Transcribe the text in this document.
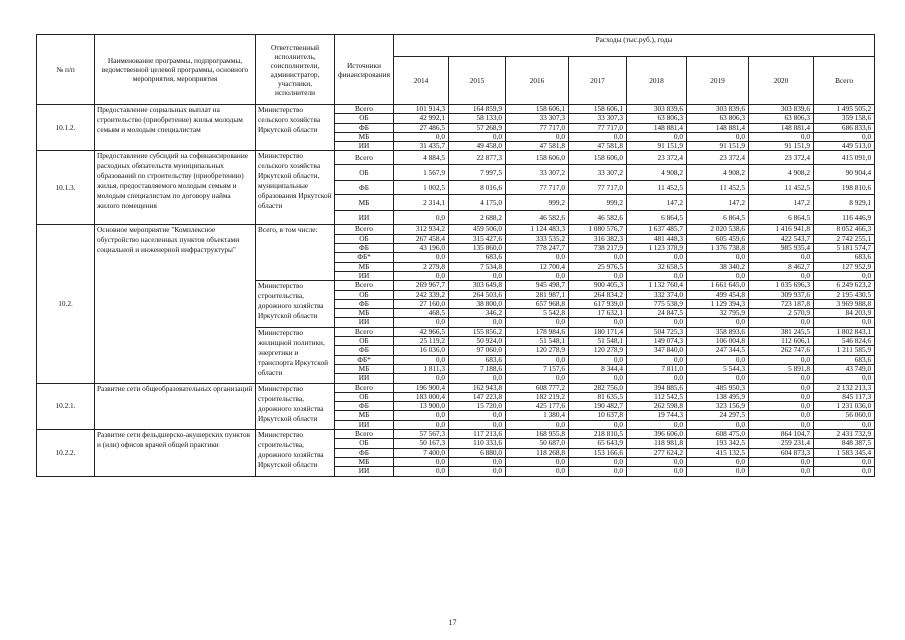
№ п/п	Наименование программы, подпрограммы, ведомственной целевой программы, основного мероприятия, мероприятия	Ответственный исполнитель, соисполнители, администратор, участники, исполнители	Источники финансирования	Расходы (тыс.руб.), годы							
				2014	2015	2016	2017	2018	2019	2020	Всего
10.1.2.	Предоставление социальных выплат на строительство (приобретение) жилья молодым семьям и молодым специалистам	Министерство сельского хозяйства Иркутской области	Всего	101 914,3	164 859,9	158 606,1	158 606,1	303 839,6	303 839,6	303 839,6	1 495 505,2
			ОБ	42 992,1	58 133,0	33 307,3	33 307,3	63 806,3	63 806,3	63 806,3	359 158,6
			ФБ	27 486,5	57 268,9	77 717,0	77 717,0	148 881,4	148 881,4	148 881,4	686 833,6
			МБ	0,0	0,0	0,0	0,0	0,0	0,0	0,0	0,0
			ИИ	31 435,7	49 458,0	47 581,8	47 581,8	91 151,9	91 151,9	91 151,9	449 513,0
10.1.3.	Предоставление субсидий на софинансирование расходных обязательств муниципальных образований по строительству (приобретению) жилья, предоставляемого молодым семьям и молодым специалистам по договору найма жилого помещения	Министерство сельского хозяйства Иркутской области, муниципальные образования Иркутской области	Всего	4 884,5	22 877,3	158 606,0	158 606,0	23 372,4	23 372,4	23 372,4	415 091,0
			ОБ	1 567,9	7 997,5	33 307,2	33 307,2	4 908,2	4 908,2	4 908,2	90 904,4
			ФБ	1 002,5	8 016,6	77 717,0	77 717,0	11 452,5	11 452,5	11 452,5	198 810,6
			МБ	2 314,1	4 175,0	999,2	999,2	147,2	147,2	147,2	8 929,1
			ИИ	0,0	2 688,2	46 582,6	46 582,6	6 864,5	6 864,5	6 864,5	116 446,9
10.2.	Основное мероприятие "Комплексное обустройство населенных пунктов объектами социальной и инженерной инфраструктуры"	Всего, в том числе:	Всего	312 934,2	459 506,0	1 124 483,3	1 080 576,7	1 637 485,7	2 020 538,6	1 416 941,8	8 052 466,3
			ОБ	267 458,4	315 427,6	333 535,2	316 382,3	481 448,3	605 459,6	422 543,7	2 742 255,1
			ФБ	43 196,0	135 860,0	778 247,7	738 217,9	1 123 378,9	1 376 738,8	985 935,4	5 181 574,7
			ФБ*	0,0	683,6	0,0	0,0	0,0	0,0	0,0	683,6
			МБ	2 279,8	7 534,8	12 700,4	25 976,5	32 658,5	38 340,2	8 462,7	127 952,9
			ИИ	0,0	0,0	0,0	0,0	0,0	0,0	0,0	0,0
		Министерство строительства, дорожного хозяйства Иркутской области	Всего	269 967,7	303 649,8	945 498,7	900 405,3	1 132 760,4	1 661 645,0	1 035 696,3	6 249 623,2
			ОБ	242 339,2	264 503,6	281 987,1	264 834,2	332 374,0	499 454,8	309 937,6	2 195 430,5
			ФБ	27 160,0	38 800,0	657 968,8	617 939,0	775 538,9	1 129 394,3	723 187,8	3 969 988,8
			МБ	468,5	346,2	5 542,8	17 632,1	24 847,5	32 795,9	2 570,9	84 203,9
			ИИ	0,0	0,0	0,0	0,0	0,0	0,0	0,0	0,0
		Министерство жилищной политики, энергетики и транспорта Иркутской области	Всего	42 966,5	155 856,2	178 984,6	180 171,4	504 725,3	358 893,6	381 245,5	1 802 843,1
			ОБ	25 119,2	50 924,0	51 548,1	51 548,1	149 074,3	106 004,8	112 606,1	546 824,6
			ФБ	16 036,0	97 060,0	120 278,9	120 278,9	347 840,0	247 344,5	262 747,6	1 211 585,9
			ФБ*	0,0	683,6	0,0	0,0	0,0	0,0	0,0	683,6
			МБ	1 811,3	7 188,6	7 157,6	8 344,4	7 811,0	5 544,3	5 891,8	43 749,0
			ИИ	0,0	0,0	0,0	0,0	0,0	0,0	0,0	0,0
10.2.1.	Развитие сети общеобразовательных организаций	Министерство строительства, дорожного хозяйства Иркутской области	Всего	196 900,4	162 943,8	608 777,2	282 756,0	394 885,6	485 950,3	0,0	2 132 213,3
			ОБ	183 000,4	147 223,8	182 219,2	81 635,5	112 542,5	138 495,9	0,0	845 117,3
			ФБ	13 900,0	15 720,0	425 177,6	190 482,7	262 598,8	323 156,9	0,0	1 231 036,0
			МБ	0,0	0,0	1 380,4	10 637,8	19 744,3	24 297,5	0,0	56 060,0
			ИИ	0,0	0,0	0,0	0,0	0,0	0,0	0,0	0,0
10.2.2.	Развитие сети фельдшерско-акушерских пунктов и (или) офисов врачей общей практики	Министерство строительства, дорожного хозяйства Иркутской области	Всего	57 567,3	117 213,6	168 955,8	218 810,5	396 606,0	608 475,0	864 104,7	2 431 732,9
			ОБ	50 167,3	110 333,6	50 687,0	65 643,9	118 981,8	193 342,5	259 231,4	848 387,5
			ФБ	7 400,0	6 880,0	118 268,8	153 166,6	277 624,2	415 132,5	604 873,3	1 583 345,4
			МБ	0,0	0,0	0,0	0,0	0,0	0,0	0,0	0,0
			ИИ	0,0	0,0	0,0	0,0	0,0	0,0	0,0	0,0
17
